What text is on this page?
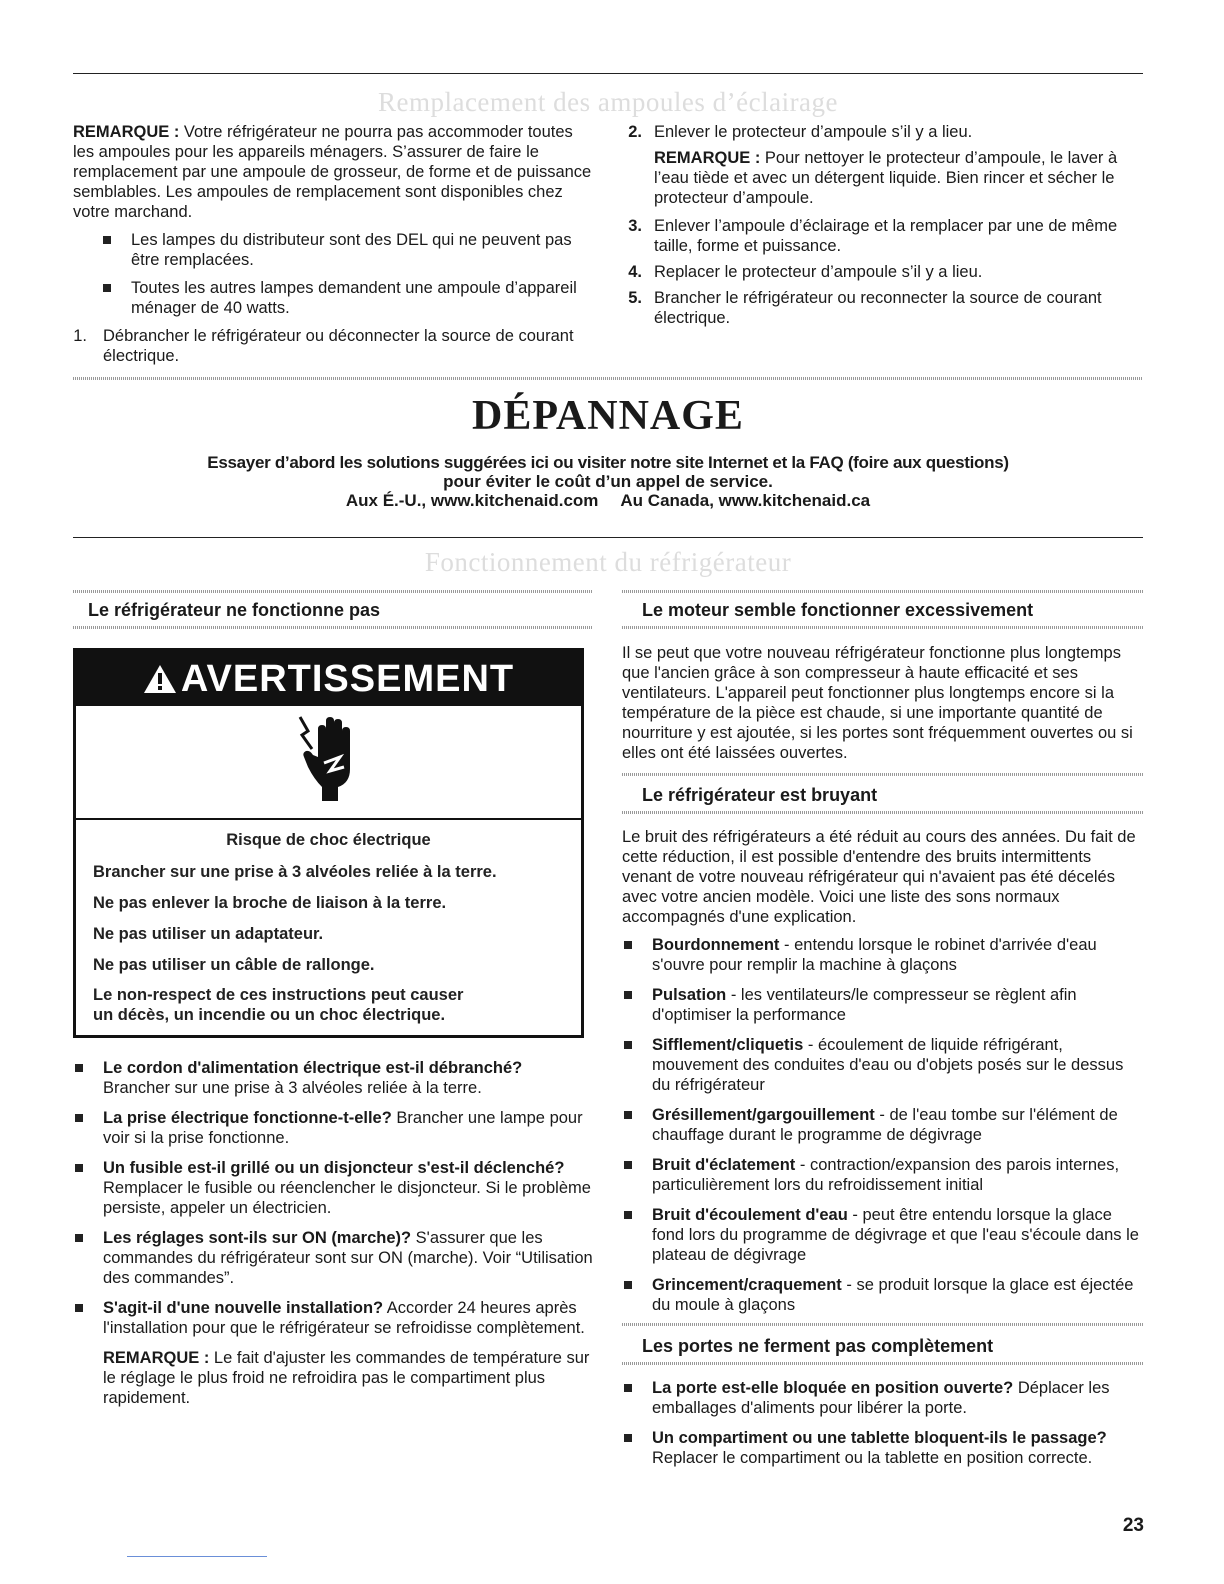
Remplacement des ampoules d’éclairage

REMARQUE : Votre réfrigérateur ne pourra pas accommoder toutes les ampoules pour les appareils ménagers. S’assurer de faire le remplacement par une ampoule de grosseur, de forme et de puissance semblables. Les ampoules de remplacement sont disponibles chez votre marchand.

Les lampes du distributeur sont des DEL qui ne peuvent pas être remplacées.
Toutes les autres lampes demandent une ampoule d’appareil ménager de 40 watts.
1. Débrancher le réfrigérateur ou déconnecter la source de courant électrique.
2. Enlever le protecteur d’ampoule s’il y a lieu.

REMARQUE : Pour nettoyer le protecteur d’ampoule, le laver à l’eau tiède et avec un détergent liquide. Bien rincer et sécher le protecteur d’ampoule.

3. Enlever l’ampoule d’éclairage et la remplacer par une de même taille, forme et puissance.
4. Replacer le protecteur d’ampoule s’il y a lieu.
5. Brancher le réfrigérateur ou reconnecter la source de courant électrique.
DÉPANNAGE
Essayer d’abord les solutions suggérées ici ou visiter notre site Internet et la FAQ (foire aux questions)
pour éviter le coût d’un appel de service.
Aux É.-U., www.kitchenaid.com Au Canada, www.kitchenaid.ca
Fonctionnement du réfrigérateur
Le réfrigérateur ne fonctionne pas
AVERTISSEMENT
Risque de choc électrique
Brancher sur une prise à 3 alvéoles reliée à la terre.
Ne pas enlever la broche de liaison à la terre.
Ne pas utiliser un adaptateur.
Ne pas utiliser un câble de rallonge.
Le non-respect de ces instructions peut causer
un décès, un incendie ou un choc électrique.
Le cordon d'alimentation électrique est-il débranché? Brancher sur une prise à 3 alvéoles reliée à la terre.
La prise électrique fonctionne-t-elle? Brancher une lampe pour voir si la prise fonctionne.
Un fusible est-il grillé ou un disjoncteur s'est-il déclenché? Remplacer le fusible ou réenclencher le disjoncteur. Si le problème persiste, appeler un électricien.
Les réglages sont-ils sur ON (marche)? S'assurer que les commandes du réfrigérateur sont sur ON (marche). Voir “Utilisation des commandes”.
S'agit-il d'une nouvelle installation? Accorder 24 heures après l'installation pour que le réfrigérateur se refroidisse complètement.

REMARQUE : Le fait d'ajuster les commandes de température sur le réglage le plus froid ne refroidira pas le compartiment plus rapidement.

Le moteur semble fonctionner excessivement
Il se peut que votre nouveau réfrigérateur fonctionne plus longtemps que l'ancien grâce à son compresseur à haute efficacité et ses ventilateurs. L'appareil peut fonctionner plus longtemps encore si la température de la pièce est chaude, si une importante quantité de nourriture y est ajoutée, si les portes sont fréquemment ouvertes ou si elles ont été laissées ouvertes.
Le réfrigérateur est bruyant

Le bruit des réfrigérateurs a été réduit au cours des années. Du fait de cette réduction, il est possible d'entendre des bruits intermittents venant de votre nouveau réfrigérateur qui n'avaient pas été décelés avec votre ancien modèle. Voici une liste des sons normaux accompagnés d'une explication.

Bourdonnement - entendu lorsque le robinet d'arrivée d'eau s'ouvre pour remplir la machine à glaçons
Pulsation - les ventilateurs/le compresseur se règlent afin d'optimiser la performance
Sifflement/cliquetis - écoulement de liquide réfrigérant, mouvement des conduites d'eau ou d'objets posés sur le dessus du réfrigérateur
Grésillement/gargouillement - de l'eau tombe sur l'élément de chauffage durant le programme de dégivrage
Bruit d'éclatement - contraction/expansion des parois internes, particulièrement lors du refroidissement initial
Bruit d'écoulement d'eau - peut être entendu lorsque la glace fond lors du programme de dégivrage et que l'eau s'écoule dans le plateau de dégivrage
Grincement/craquement - se produit lorsque la glace est éjectée du moule à glaçons
Les portes ne ferment pas complètement
La porte est-elle bloquée en position ouverte? Déplacer les emballages d'aliments pour libérer la porte.
Un compartiment ou une tablette bloquent-ils le passage? Replacer le compartiment ou la tablette en position correcte.
23
